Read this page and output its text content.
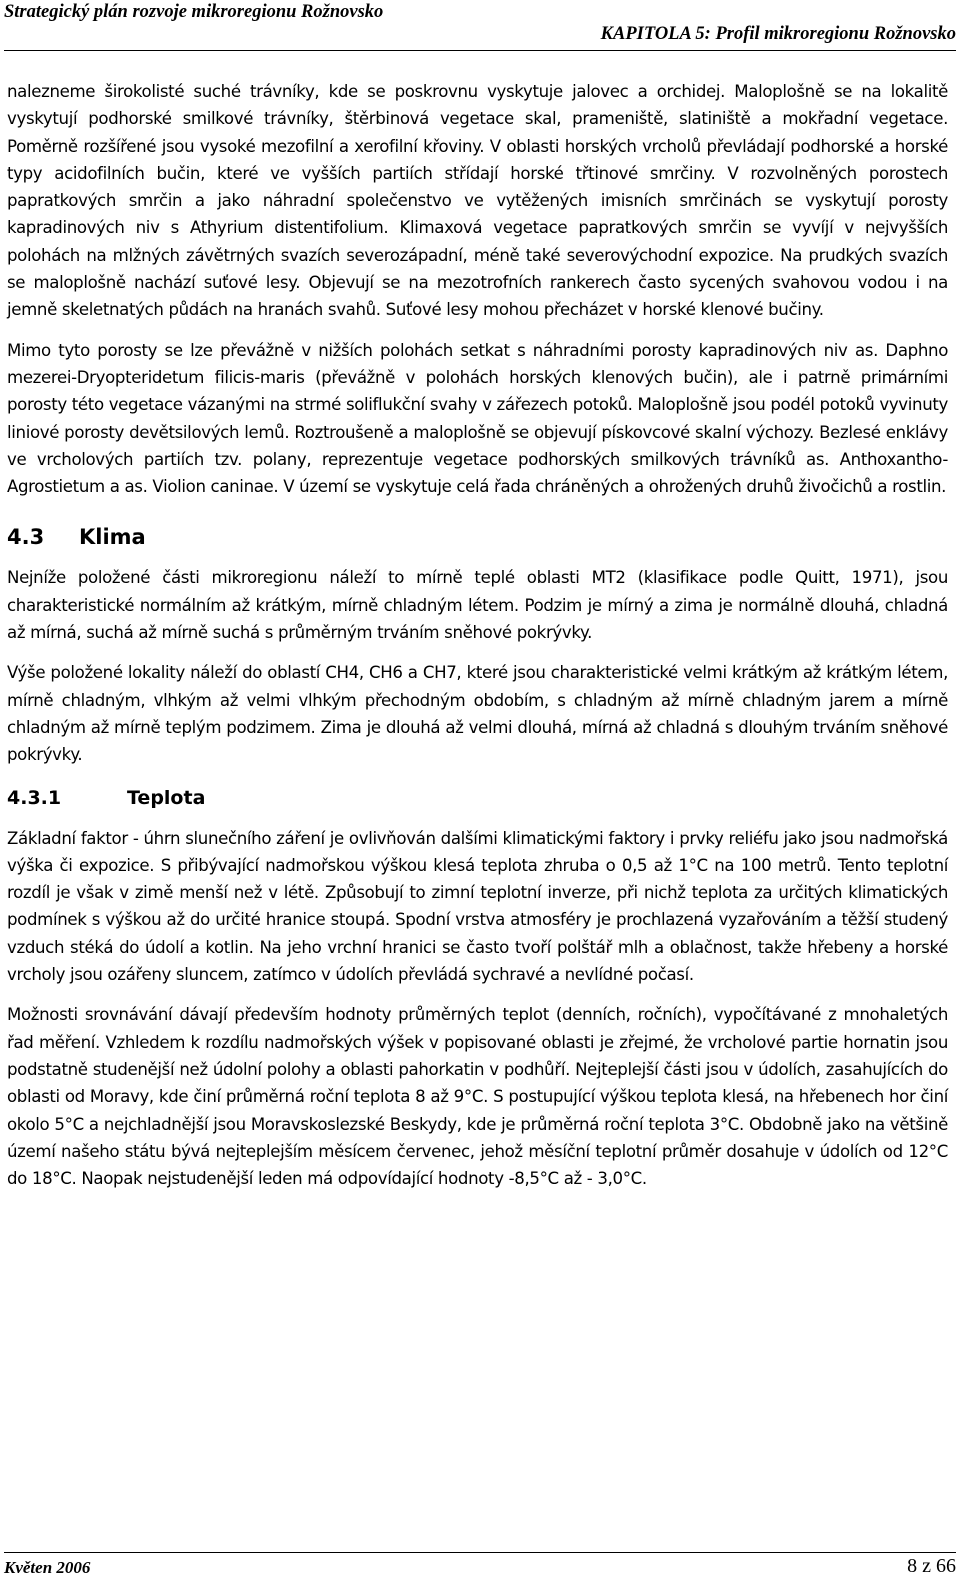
Strategický plán rozvoje mikroregionu Rožnovsko
KAPITOLA 5: Profil mikroregionu Rožnovsko

nalezneme širokolisté suché trávníky, kde se poskrovnu vyskytuje jalovec a orchidej. Maloplošně se na lokalitě vyskytují podhorské smilkové trávníky, štěrbinová vegetace skal, prameniště, slatiniště a mokřadní vegetace. Poměrně rozšířené jsou vysoké mezofilní a xerofilní křoviny. V oblasti horských vrcholů převládají podhorské a horské typy acidofilních bučin, které ve vyšších partiích střídají horské třtinové smrčiny. V rozvolněných porostech papratkových smrčin a jako náhradní společenstvo ve vytěžených imisních smrčinách se vyskytují porosty kapradinových niv s Athyrium distentifolium. Klimaxová vegetace papratkových smrčin se vyvíjí v nejvyšších polohách na mlžných závětrných svazích severozápadní, méně také severovýchodní expozice. Na prudkých svazích se maloplošně nachází suťové lesy. Objevují se na mezotrofních rankerech často sycených svahovou vodou i na jemně skeletnatých půdách na hranách svahů. Suťové lesy mohou přecházet v horské klenové bučiny.

Mimo tyto porosty se lze převážně v nižších polohách setkat s náhradními porosty kapradinových niv as. Daphno mezerei-Dryopteridetum filicis-maris (převážně v polohách horských klenových bučin), ale i patrně primárními porosty této vegetace vázanými na strmé soliflukční svahy v zářezech potoků. Maloplošně jsou podél potoků vyvinuty liniové porosty devětsilových lemů. Roztroušeně a maloplošně se objevují pískovcové skalní výchozy. Bezlesé enklávy ve vrcholových partiích tzv. polany, reprezentuje vegetace podhorských smilkových trávníků as. Anthoxantho-Agrostietum a as. Violion caninae. V území se vyskytuje celá řada chráněných a ohrožených druhů živočichů a rostlin.

4.3 Klima

Nejníže položené části mikroregionu náleží to mírně teplé oblasti MT2 (klasifikace podle Quitt, 1971), jsou charakteristické normálním až krátkým, mírně chladným létem. Podzim je mírný a zima je normálně dlouhá, chladná až mírná, suchá až mírně suchá s průměrným trváním sněhové pokrývky.

Výše položené lokality náleží do oblastí CH4, CH6 a CH7, které jsou charakteristické velmi krátkým až krátkým létem, mírně chladným, vlhkým až velmi vlhkým přechodným obdobím, s chladným až mírně chladným jarem a mírně chladným až mírně teplým podzimem. Zima je dlouhá až velmi dlouhá, mírná až chladná s dlouhým trváním sněhové pokrývky.

4.3.1	Teplota

Základní faktor - úhrn slunečního záření je ovlivňován dalšími klimatickými faktory i prvky reliéfu jako jsou nadmořská výška či expozice. S přibývající nadmořskou výškou klesá teplota zhruba o 0,5 až 1°C na 100 metrů. Tento teplotní rozdíl je však v zimě menší než v létě. Způsobují to zimní teplotní inverze, při nichž teplota za určitých klimatických podmínek s výškou až do určité hranice stoupá. Spodní vrstva atmosféry je prochlazená vyzařováním a těžší studený vzduch stéká do údolí a kotlin. Na jeho vrchní hranici se často tvoří polštář mlh a oblačnost, takže hřebeny a horské vrcholy jsou ozářeny sluncem, zatímco v údolích převládá sychravé a nevlídné počasí.

Možnosti srovnávání dávají především hodnoty průměrných teplot (denních, ročních), vypočítávané z mnohaletých řad měření. Vzhledem k rozdílu nadmořských výšek v popisované oblasti je zřejmé, že vrcholové partie hornatin jsou podstatně studenější než údolní polohy a oblasti pahorkatin v podhůří. Nejteplejší části jsou v údolích, zasahujících do oblasti od Moravy, kde činí průměrná roční teplota 8 až 9°C. S postupující výškou teplota klesá, na hřebenech hor činí okolo 5°C a nejchladnější jsou Moravskoslezské Beskydy, kde je průměrná roční teplota 3°C. Obdobně jako na většině území našeho státu bývá nejteplejším měsícem červenec, jehož měsíční teplotní průměr dosahuje v údolích od 12°C do 18°C. Naopak nejstudenější leden má odpovídající hodnoty -8,5°C až - 3,0°C.

Květen 2006	8 z 66
